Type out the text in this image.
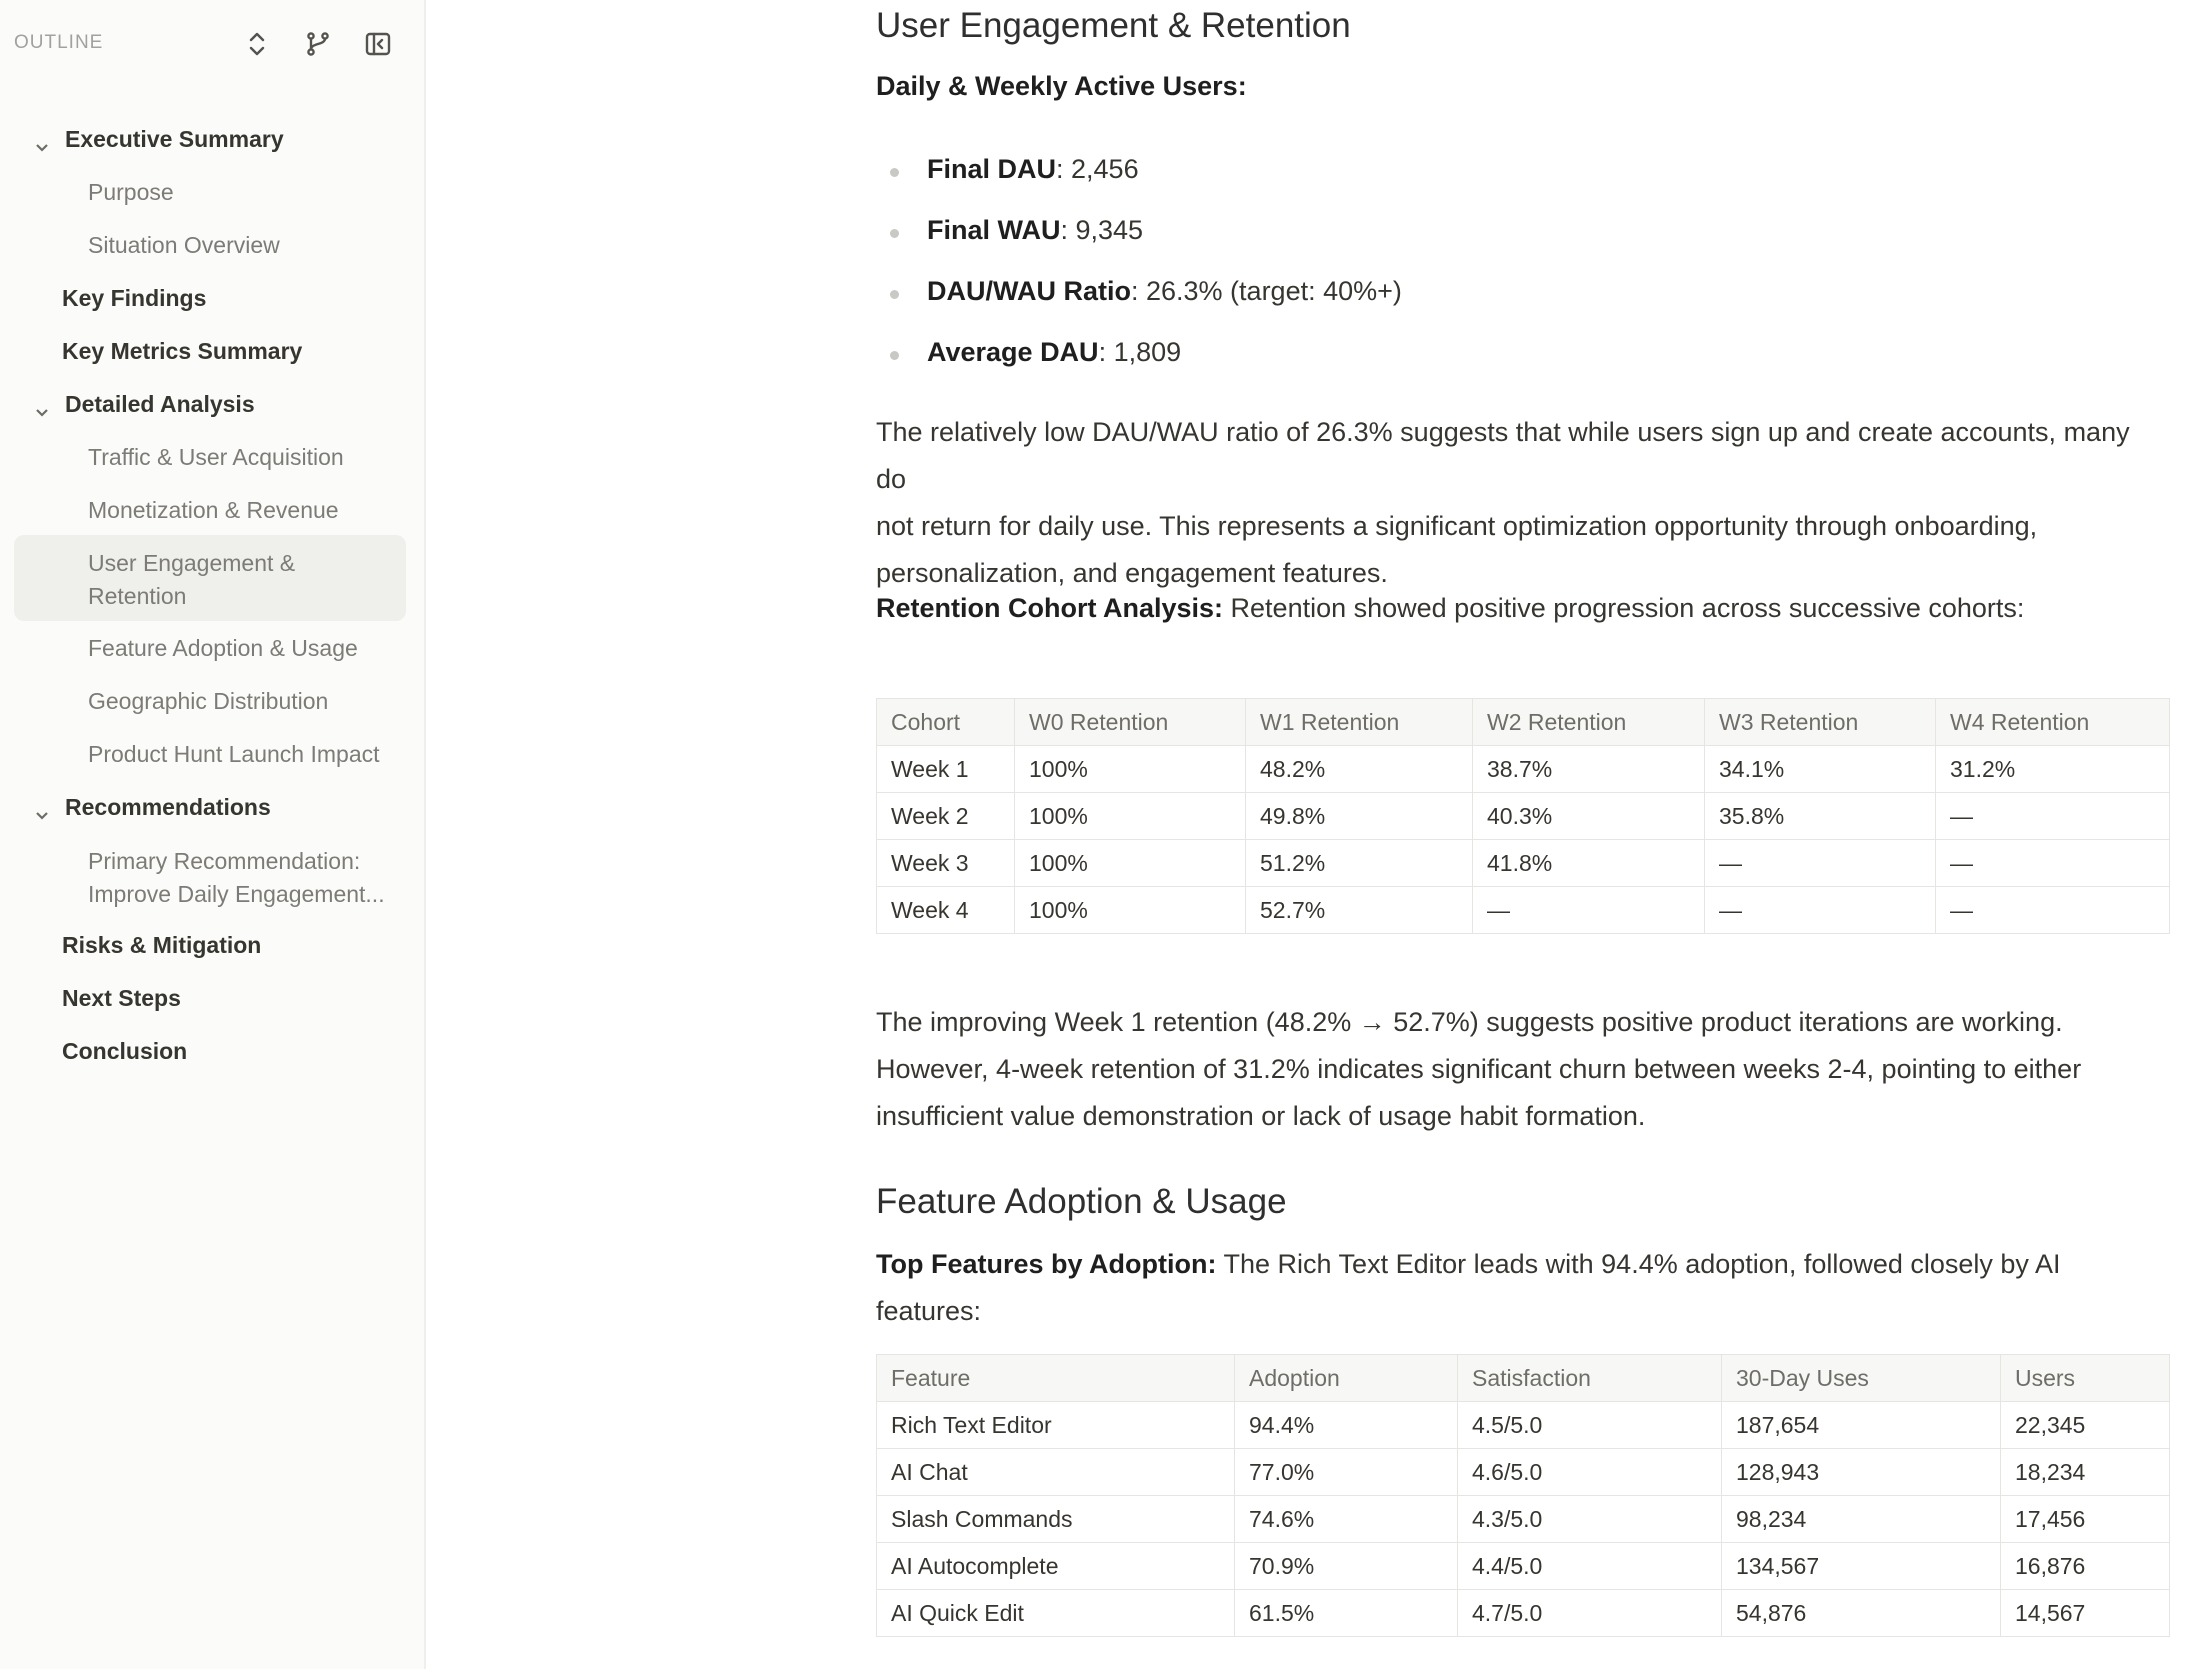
OUTLINE
Executive Summary
Purpose
Situation Overview
Key Findings
Key Metrics Summary
Detailed Analysis
Traffic & User Acquisition
Monetization & Revenue
User Engagement & Retention
Feature Adoption & Usage
Geographic Distribution
Product Hunt Launch Impact
Recommendations
Primary Recommendation: Improve Daily Engagement...
Risks & Mitigation
Next Steps
Conclusion
User Engagement & Retention
Daily & Weekly Active Users:
Final DAU: 2,456
Final WAU: 9,345
DAU/WAU Ratio: 26.3% (target: 40%+)
Average DAU: 1,809
The relatively low DAU/WAU ratio of 26.3% suggests that while users sign up and create accounts, many do
not return for daily use. This represents a significant optimization opportunity through onboarding,
personalization, and engagement features.
Retention Cohort Analysis: Retention showed positive progression across successive cohorts:
Cohort	W0 Retention	W1 Retention	W2 Retention	W3 Retention	W4 Retention
Week 1	100%	48.2%	38.7%	34.1%	31.2%
Week 2	100%	49.8%	40.3%	35.8%	—
Week 3	100%	51.2%	41.8%	—	—
Week 4	100%	52.7%	—	—	—
The improving Week 1 retention (48.2% → 52.7%) suggests positive product iterations are working.
However, 4-week retention of 31.2% indicates significant churn between weeks 2-4, pointing to either
insufficient value demonstration or lack of usage habit formation.
Feature Adoption & Usage
Top Features by Adoption: The Rich Text Editor leads with 94.4% adoption, followed closely by AI features:
Feature	Adoption	Satisfaction	30-Day Uses	Users
Rich Text Editor	94.4%	4.5/5.0	187,654	22,345
AI Chat	77.0%	4.6/5.0	128,943	18,234
Slash Commands	74.6%	4.3/5.0	98,234	17,456
AI Autocomplete	70.9%	4.4/5.0	134,567	16,876
AI Quick Edit	61.5%	4.7/5.0	54,876	14,567
